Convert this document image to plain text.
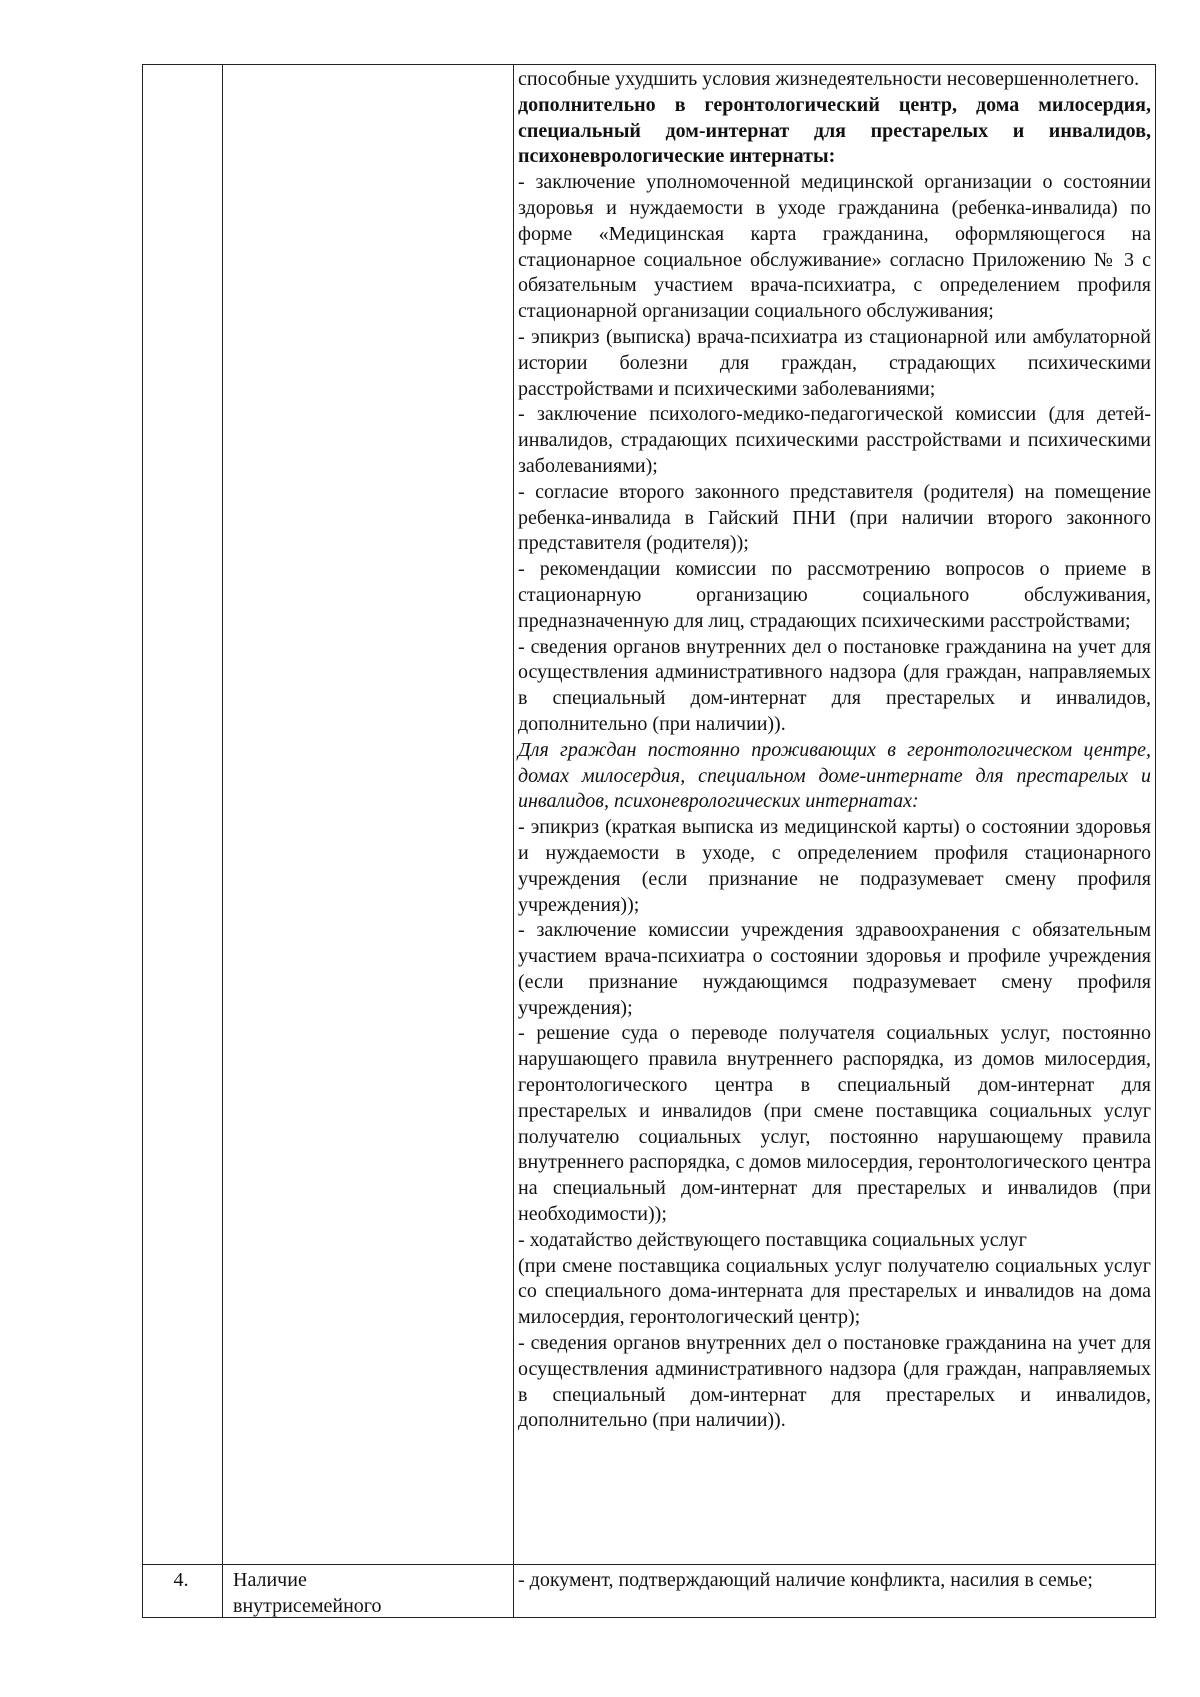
способные ухудшить условия жизнедеятельности несовершеннолетнего.

дополнительно в геронтологический центр, дома милосердия, специальный дом-интернат для престарелых и инвалидов, психоневрологические интернаты:

- заключение уполномоченной медицинской организации о состоянии здоровья и нуждаемости в уходе гражданина (ребенка-инвалида) по форме «Медицинская карта гражданина, оформляющегося на стационарное социальное обслуживание» согласно Приложению № 3 с обязательным участием врача-психиатра, с определением профиля стационарной организации социального обслуживания;

- эпикриз (выписка) врача-психиатра из стационарной или амбулаторной истории болезни для граждан, страдающих психическими расстройствами и психическими заболеваниями;

- заключение психолого-медико-педагогической комиссии (для детей-инвалидов, страдающих психическими расстройствами и психическими заболеваниями);

- согласие второго законного представителя (родителя) на помещение ребенка-инвалида в Гайский ПНИ (при наличии второго законного представителя (родителя));

- рекомендации комиссии по рассмотрению вопросов о приеме в стационарную организацию социального обслуживания, предназначенную для лиц, страдающих психическими расстройствами;

- сведения органов внутренних дел о постановке гражданина на учет для осуществления административного надзора (для граждан, направляемых в специальный дом-интернат для престарелых и инвалидов, дополнительно (при наличии)).

Для граждан постоянно проживающих в геронтологическом центре, домах милосердия, специальном доме-интернате для престарелых и инвалидов, психоневрологических интернатах:

- эпикриз (краткая выписка из медицинской карты) о состоянии здоровья и нуждаемости в уходе, с определением профиля стационарного учреждения (если признание не подразумевает смену профиля учреждения));

- заключение комиссии учреждения здравоохранения с обязательным участием врача-психиатра о состоянии здоровья и профиле учреждения (если признание нуждающимся подразумевает смену профиля учреждения);

- решение суда о переводе получателя социальных услуг, постоянно нарушающего правила внутреннего распорядка, из домов милосердия, геронтологического центра в специальный дом-интернат для престарелых и инвалидов (при смене поставщика социальных услуг получателю социальных услуг, постоянно нарушающему правила внутреннего распорядка, с домов милосердия, геронтологического центра на специальный дом-интернат для престарелых и инвалидов (при необходимости));

- ходатайство действующего поставщика социальных услуг

(при смене поставщика социальных услуг получателю социальных услуг со специального дома-интерната для престарелых и инвалидов на дома милосердия, геронтологический центр);

- сведения органов внутренних дел о постановке гражданина на учет для осуществления административного надзора (для граждан, направляемых в специальный дом-интернат для престарелых и инвалидов, дополнительно (при наличии)).

4.	Наличие

внутрисемейного

- документ, подтверждающий наличие конфликта, насилия в семье;
